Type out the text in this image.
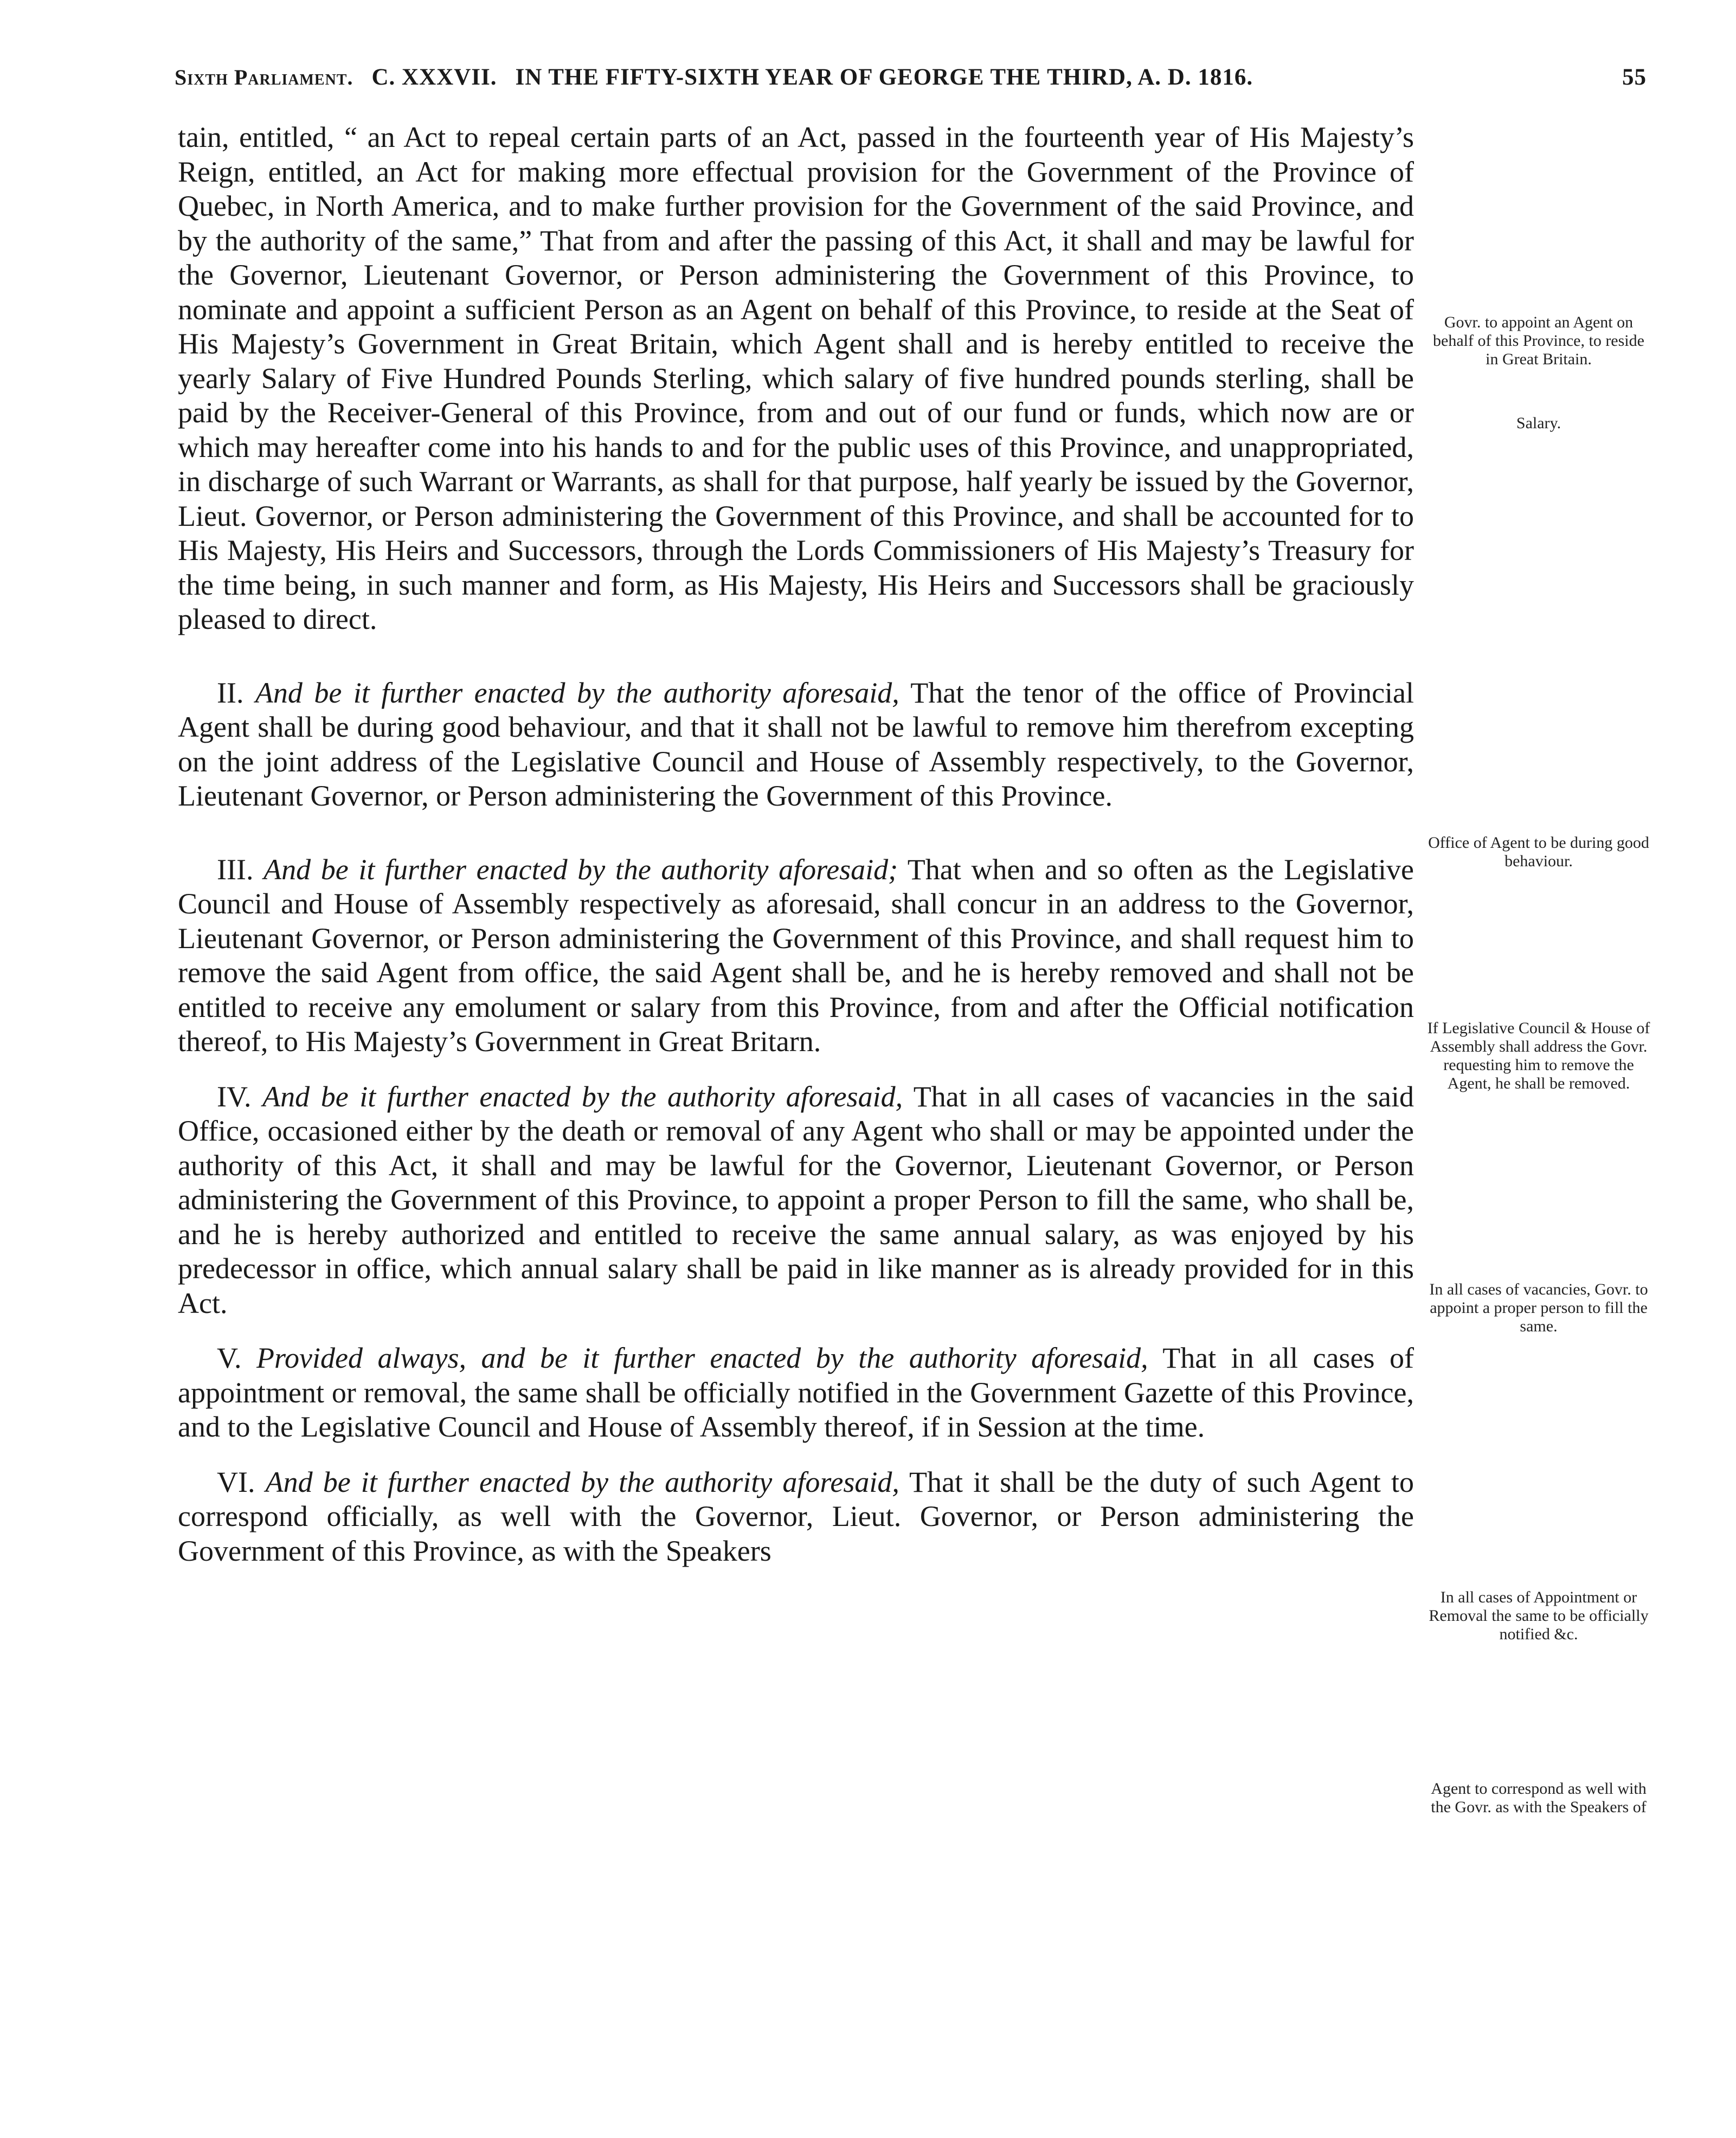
Sixth Parliament. C. XXXVII. IN THE FIFTY-SIXTH YEAR OF GEORGE THE THIRD, A. D. 1816.	55

tain, entitled, “ an Act to repeal certain parts of an Act, passed in the fourteenth year of His Majesty’s Reign, entitled, an Act for making more effectual provision for the Government of the Province of Quebec, in North America, and to make further provision for the Government of the said Province, and by the authority of the same,” That from and after the passing of this Act, it shall and may be lawful for the Governor, Lieutenant Governor, or Person administering the Government of this Province, to nominate and appoint a sufficient Person as an Agent on behalf of this Province, to reside at the Seat of His Majesty’s Government in Great Britain, which Agent shall and is hereby entitled to receive the yearly Salary of Five Hundred Pounds Sterling, which salary of five hundred pounds sterling, shall be paid by the Receiver-General of this Province, from and out of our fund or funds, which now are or which may hereafter come into his hands to and for the public uses of this Province, and unappropriated, in discharge of such Warrant or Warrants, as shall for that purpose, half yearly be issued by the Governor, Lieut. Governor, or Person administering the Government of this Province, and shall be accounted for to His Majesty, His Heirs and Successors, through the Lords Commissioners of His Majesty’s Treasury for the time being, in such manner and form, as His Majesty, His Heirs and Successors shall be graciously pleased to direct.

II. And be it further enacted by the authority aforesaid, That the tenor of the office of Provincial Agent shall be during good behaviour, and that it shall not be lawful to remove him therefrom excepting on the joint address of the Legislative Council and House of Assembly respectively, to the Governor, Lieutenant Governor, or Person administering the Government of this Province.

III. And be it further enacted by the authority aforesaid; That when and so often as the Legislative Council and House of Assembly respectively as aforesaid, shall concur in an address to the Governor, Lieutenant Governor, or Person administering the Government of this Province, and shall request him to remove the said Agent from office, the said Agent shall be, and he is hereby removed and shall not be entitled to receive any emolument or salary from this Province, from and after the Official notification thereof, to His Majesty’s Government in Great Britarn.

IV. And be it further enacted by the authority aforesaid, That in all cases of vacancies in the said Office, occasioned either by the death or removal of any Agent who shall or may be appointed under the authority of this Act, it shall and may be lawful for the Governor, Lieutenant Governor, or Person administering the Government of this Province, to appoint a proper Person to fill the same, who shall be, and he is hereby authorized and entitled to receive the same annual salary, as was enjoyed by his predecessor in office, which annual salary shall be paid in like manner as is already provided for in this Act.

V. Provided always, and be it further enacted by the authority aforesaid, That in all cases of appointment or removal, the same shall be officially notified in the Government Gazette of this Province, and to the Legislative Council and House of Assembly thereof, if in Session at the time.

VI. And be it further enacted by the authority aforesaid, That it shall be the duty of such Agent to correspond officially, as well with the Governor, Lieut. Governor, or Person administering the Government of this Province, as with the Speakers

Govr. to appoint an Agent on behalf of this Province, to reside in Great Britain.
Salary.
Office of Agent to be during good behaviour.
If Legislative Council & House of Assembly shall address the Govr. requesting him to remove the Agent, he shall be removed.
In all cases of vacancies, Govr. to appoint a proper person to fill the same.
In all cases of Appointment or Removal the same to be officially notified &c.
Agent to correspond as well with the Govr. as with the Speakers of
